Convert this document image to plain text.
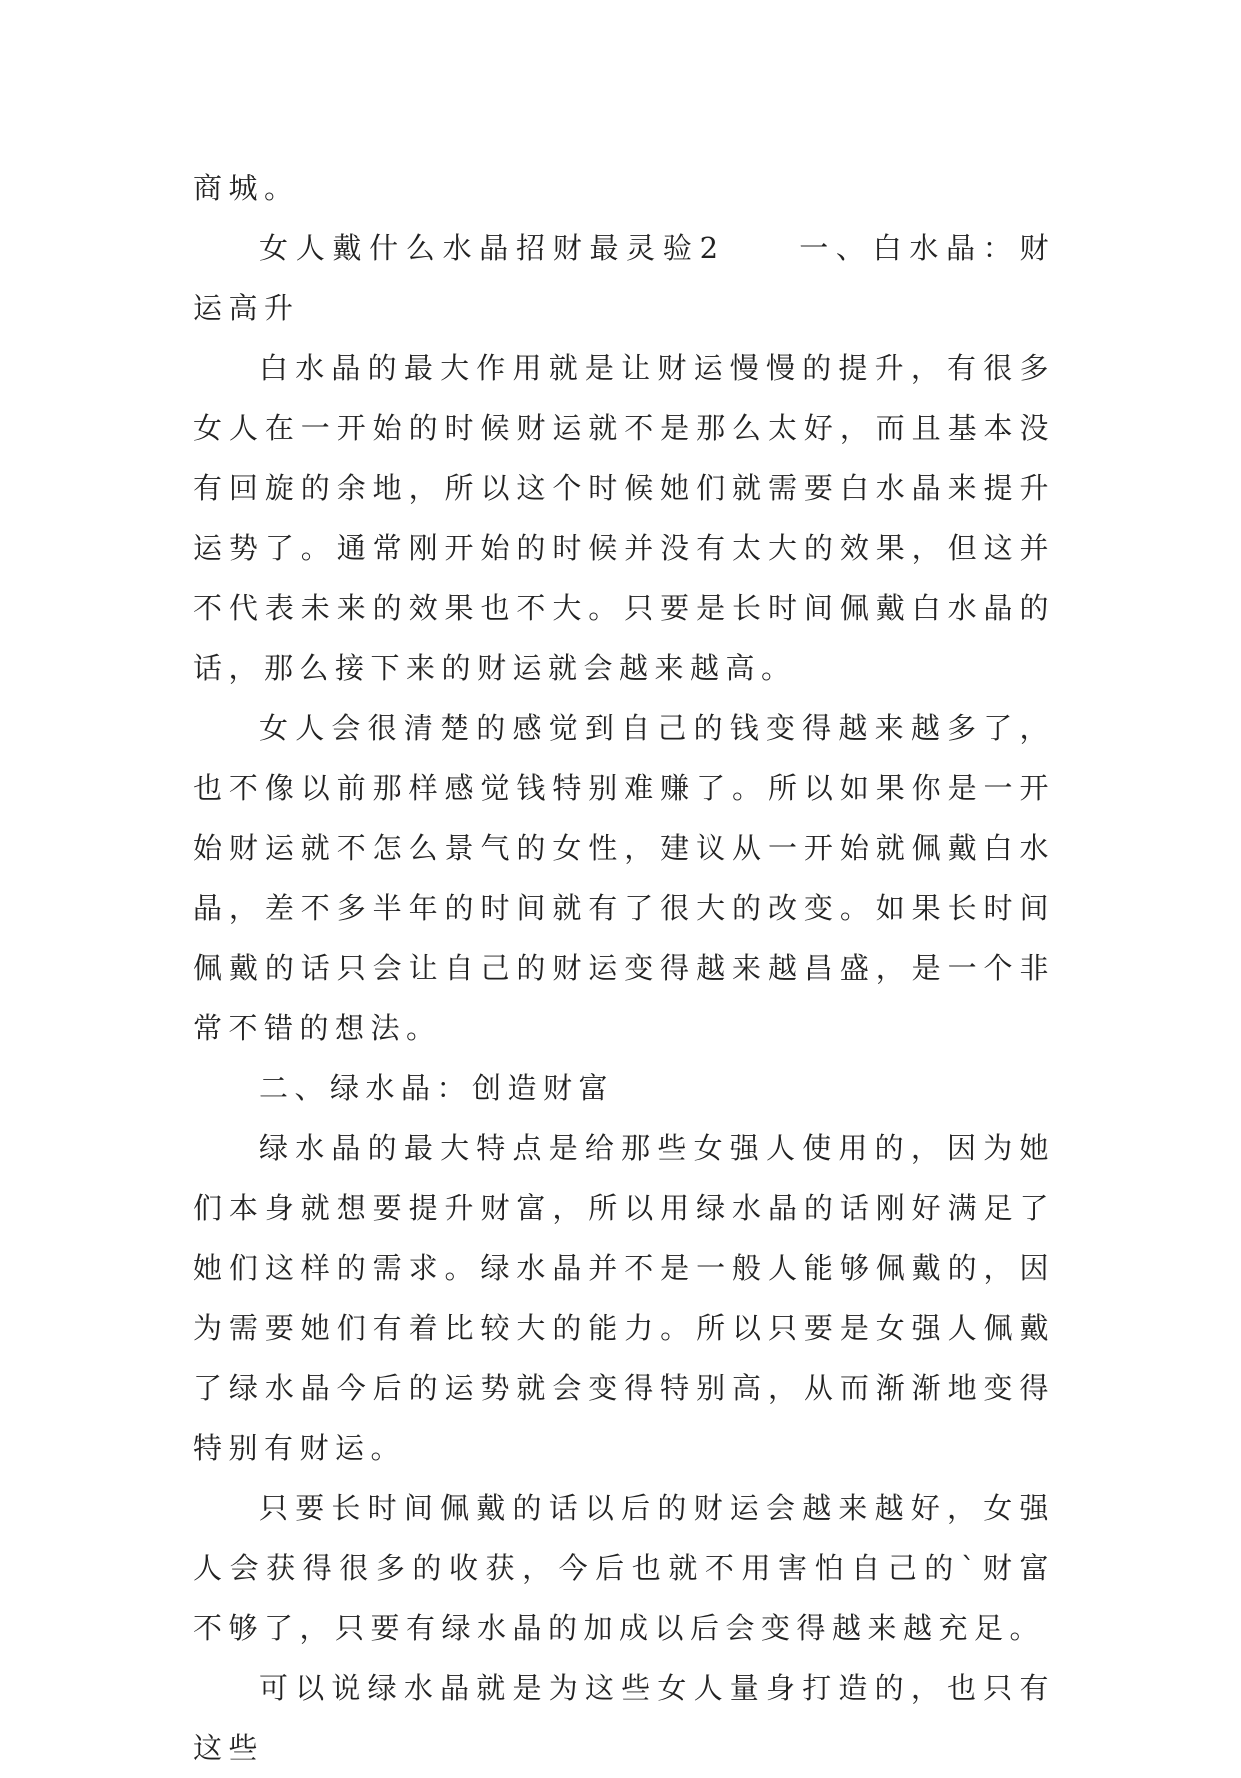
商城。

女人戴什么水晶招财最灵验2　　一、白水晶：财运高升

白水晶的最大作用就是让财运慢慢的提升，有很多女人在一开始的时候财运就不是那么太好，而且基本没有回旋的余地，所以这个时候她们就需要白水晶来提升运势了。通常刚开始的时候并没有太大的效果，但这并不代表未来的效果也不大。只要是长时间佩戴白水晶的话，那么接下来的财运就会越来越高。

女人会很清楚的感觉到自己的钱变得越来越多了，也不像以前那样感觉钱特别难赚了。所以如果你是一开始财运就不怎么景气的女性，建议从一开始就佩戴白水晶，差不多半年的时间就有了很大的改变。如果长时间佩戴的话只会让自己的财运变得越来越昌盛，是一个非常不错的想法。

二、绿水晶：创造财富

绿水晶的最大特点是给那些女强人使用的，因为她们本身就想要提升财富，所以用绿水晶的话刚好满足了她们这样的需求。绿水晶并不是一般人能够佩戴的，因为需要她们有着比较大的能力。所以只要是女强人佩戴了绿水晶今后的运势就会变得特别高，从而渐渐地变得特别有财运。

只要长时间佩戴的话以后的财运会越来越好，女强人会获得很多的收获，今后也就不用害怕自己的`财富不够了，只要有绿水晶的加成以后会变得越来越充足。

可以说绿水晶就是为这些女人量身打造的，也只有这些
